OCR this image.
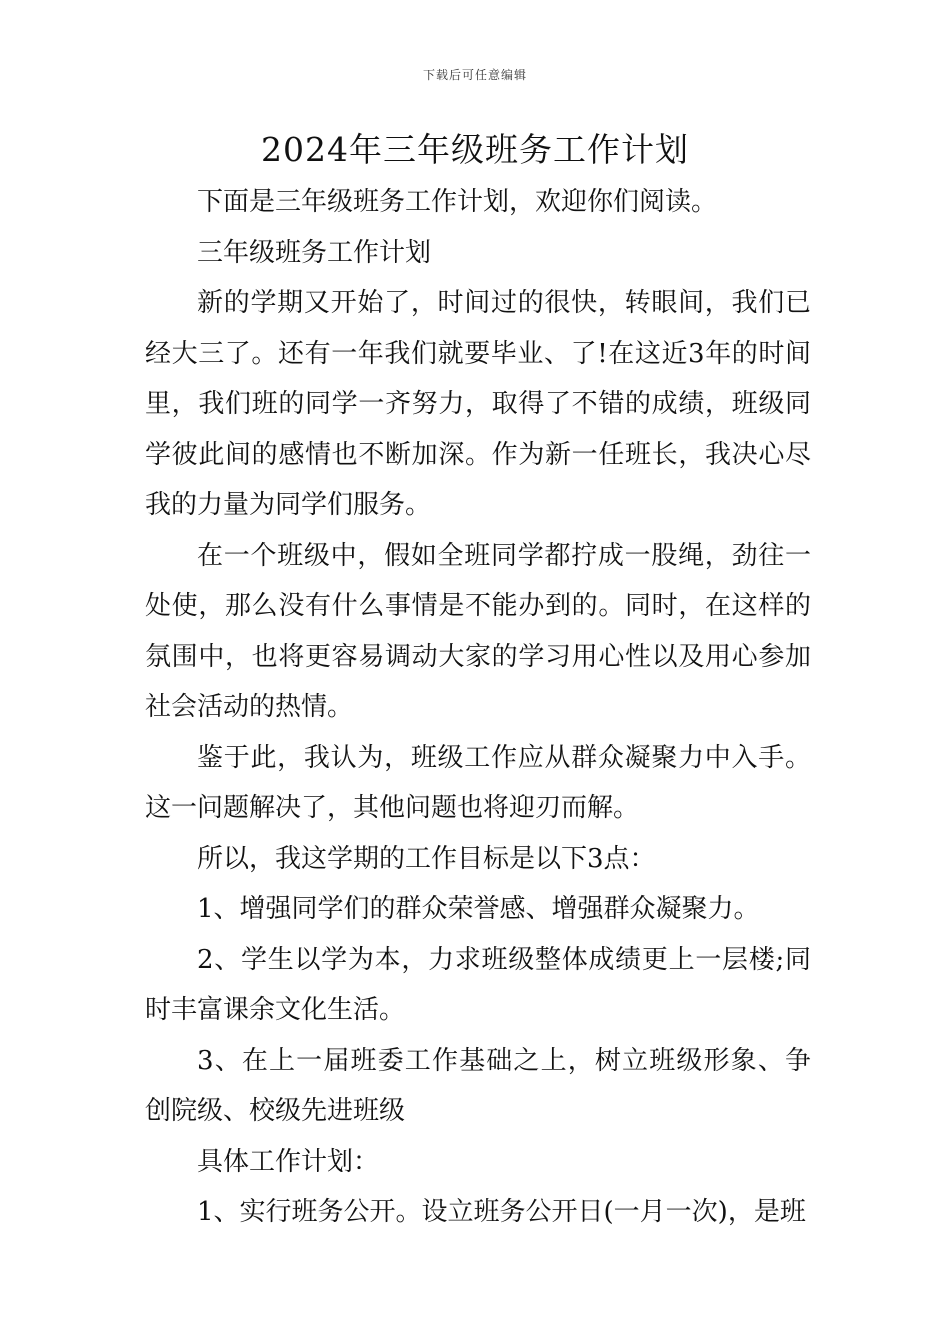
下载后可任意编辑
2024年三年级班务工作计划

下面是三年级班务工作计划，欢迎你们阅读。

三年级班务工作计划

新的学期又开始了，时间过的很快，转眼间，我们已经大三了。还有一年我们就要毕业、了!在这近3年的时间里，我们班的同学一齐努力，取得了不错的成绩，班级同学彼此间的感情也不断加深。作为新一任班长，我决心尽我的力量为同学们服务。

在一个班级中，假如全班同学都拧成一股绳，劲往一处使，那么没有什么事情是不能办到的。同时，在这样的氛围中，也将更容易调动大家的学习用心性以及用心参加社会活动的热情。

鉴于此，我认为，班级工作应从群众凝聚力中入手。这一问题解决了，其他问题也将迎刃而解。

所以，我这学期的工作目标是以下3点：

1、增强同学们的群众荣誉感、增强群众凝聚力。

2、学生以学为本，力求班级整体成绩更上一层楼;同时丰富课余文化生活。

3、在上一届班委工作基础之上，树立班级形象、争创院级、校级先进班级

具体工作计划：

1、实行班务公开。设立班务公开日(一月一次)，是班
